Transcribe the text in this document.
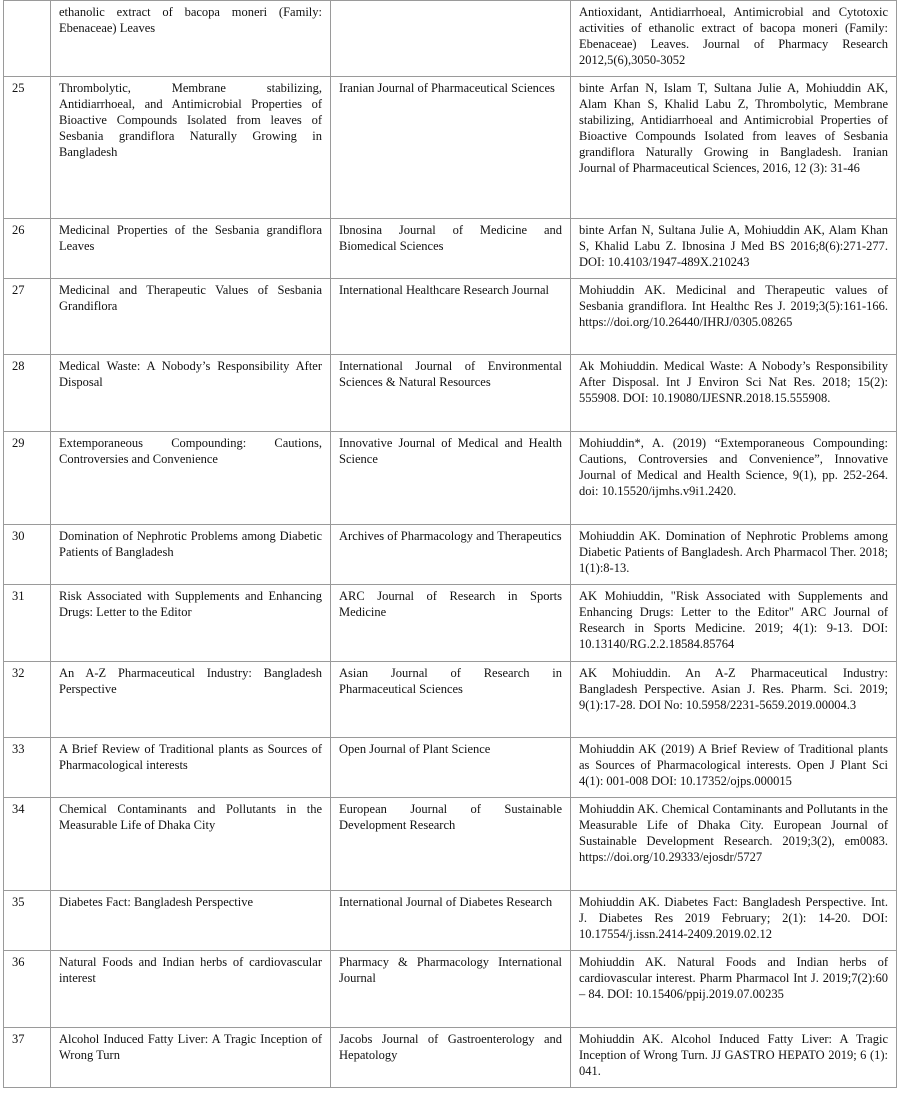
	ethanolic extract of bacopa moneri (Family: Ebenaceae) Leaves		Antioxidant, Antidiarrhoeal, Antimicrobial and Cytotoxic activities of ethanolic extract of bacopa moneri (Family: Ebenaceae) Leaves. Journal of Pharmacy Research 2012,5(6),3050-3052
25	Thrombolytic, Membrane stabilizing, Antidiarrhoeal, and Antimicrobial Properties of Bioactive Compounds Isolated from leaves of Sesbania grandiflora Naturally Growing in Bangladesh	Iranian Journal of Pharmaceutical Sciences	binte Arfan N, Islam T, Sultana Julie A, Mohiuddin AK, Alam Khan S, Khalid Labu Z, Thrombolytic, Membrane stabilizing, Antidiarrhoeal and Antimicrobial Properties of Bioactive Compounds Isolated from leaves of Sesbania grandiflora Naturally Growing in Bangladesh. Iranian Journal of Pharmaceutical Sciences, 2016, 12 (3): 31-46
26	Medicinal Properties of the Sesbania grandiflora Leaves	Ibnosina Journal of Medicine and Biomedical Sciences	binte Arfan N, Sultana Julie A, Mohiuddin AK, Alam Khan S, Khalid Labu Z. Ibnosina J Med BS 2016;8(6):271-277. DOI: 10.4103/1947-489X.210243
27	Medicinal and Therapeutic Values of Sesbania Grandiflora	International Healthcare Research Journal	Mohiuddin AK. Medicinal and Therapeutic values of Sesbania grandiflora. Int Healthc Res J. 2019;3(5):161-166. https://doi.org/10.26440/IHRJ/0305.08265
28	Medical Waste: A Nobody’s Responsibility After Disposal	International Journal of Environmental Sciences & Natural Resources	Ak Mohiuddin. Medical Waste: A Nobody’s Responsibility After Disposal. Int J Environ Sci Nat Res. 2018; 15(2): 555908. DOI: 10.19080/IJESNR.2018.15.555908.
29	Extemporaneous Compounding: Cautions, Controversies and Convenience	Innovative Journal of Medical and Health Science	Mohiuddin*, A. (2019) “Extemporaneous Compounding: Cautions, Controversies and Convenience”, Innovative Journal of Medical and Health Science, 9(1), pp. 252-264. doi: 10.15520/ijmhs.v9i1.2420.
30	Domination of Nephrotic Problems among Diabetic Patients of Bangladesh	Archives of Pharmacology and Therapeutics	Mohiuddin AK. Domination of Nephrotic Problems among Diabetic Patients of Bangladesh. Arch Pharmacol Ther. 2018; 1(1):8-13.
31	Risk Associated with Supplements and Enhancing Drugs: Letter to the Editor	ARC Journal of Research in Sports Medicine	AK Mohiuddin, "Risk Associated with Supplements and Enhancing Drugs: Letter to the Editor" ARC Journal of Research in Sports Medicine. 2019; 4(1): 9-13. DOI: 10.13140/RG.2.2.18584.85764
32	An A-Z Pharmaceutical Industry: Bangladesh Perspective	Asian Journal of Research in Pharmaceutical Sciences	AK Mohiuddin. An A-Z Pharmaceutical Industry: Bangladesh Perspective. Asian J. Res. Pharm. Sci. 2019; 9(1):17-28. DOI No: 10.5958/2231-5659.2019.00004.3
33	A Brief Review of Traditional plants as Sources of Pharmacological interests	Open Journal of Plant Science	Mohiuddin AK (2019) A Brief Review of Traditional plants as Sources of Pharmacological interests. Open J Plant Sci 4(1): 001-008 DOI: 10.17352/ojps.000015
34	Chemical Contaminants and Pollutants in the Measurable Life of Dhaka City	European Journal of Sustainable Development Research	Mohiuddin AK. Chemical Contaminants and Pollutants in the Measurable Life of Dhaka City. European Journal of Sustainable Development Research. 2019;3(2), em0083. https://doi.org/10.29333/ejosdr/5727
35	Diabetes Fact: Bangladesh Perspective	International Journal of Diabetes Research	Mohiuddin AK. Diabetes Fact: Bangladesh Perspective. Int. J. Diabetes Res 2019 February; 2(1): 14-20. DOI: 10.17554/j.issn.2414-2409.2019.02.12
36	Natural Foods and Indian herbs of cardiovascular interest	Pharmacy & Pharmacology International Journal	Mohiuddin AK. Natural Foods and Indian herbs of cardiovascular interest. Pharm Pharmacol Int J. 2019;7(2):60 – 84. DOI: 10.15406/ppij.2019.07.00235
37	Alcohol Induced Fatty Liver: A Tragic Inception of Wrong Turn	Jacobs Journal of Gastroenterology and Hepatology	Mohiuddin AK. Alcohol Induced Fatty Liver: A Tragic Inception of Wrong Turn. JJ GASTRO HEPATO 2019; 6 (1): 041.
